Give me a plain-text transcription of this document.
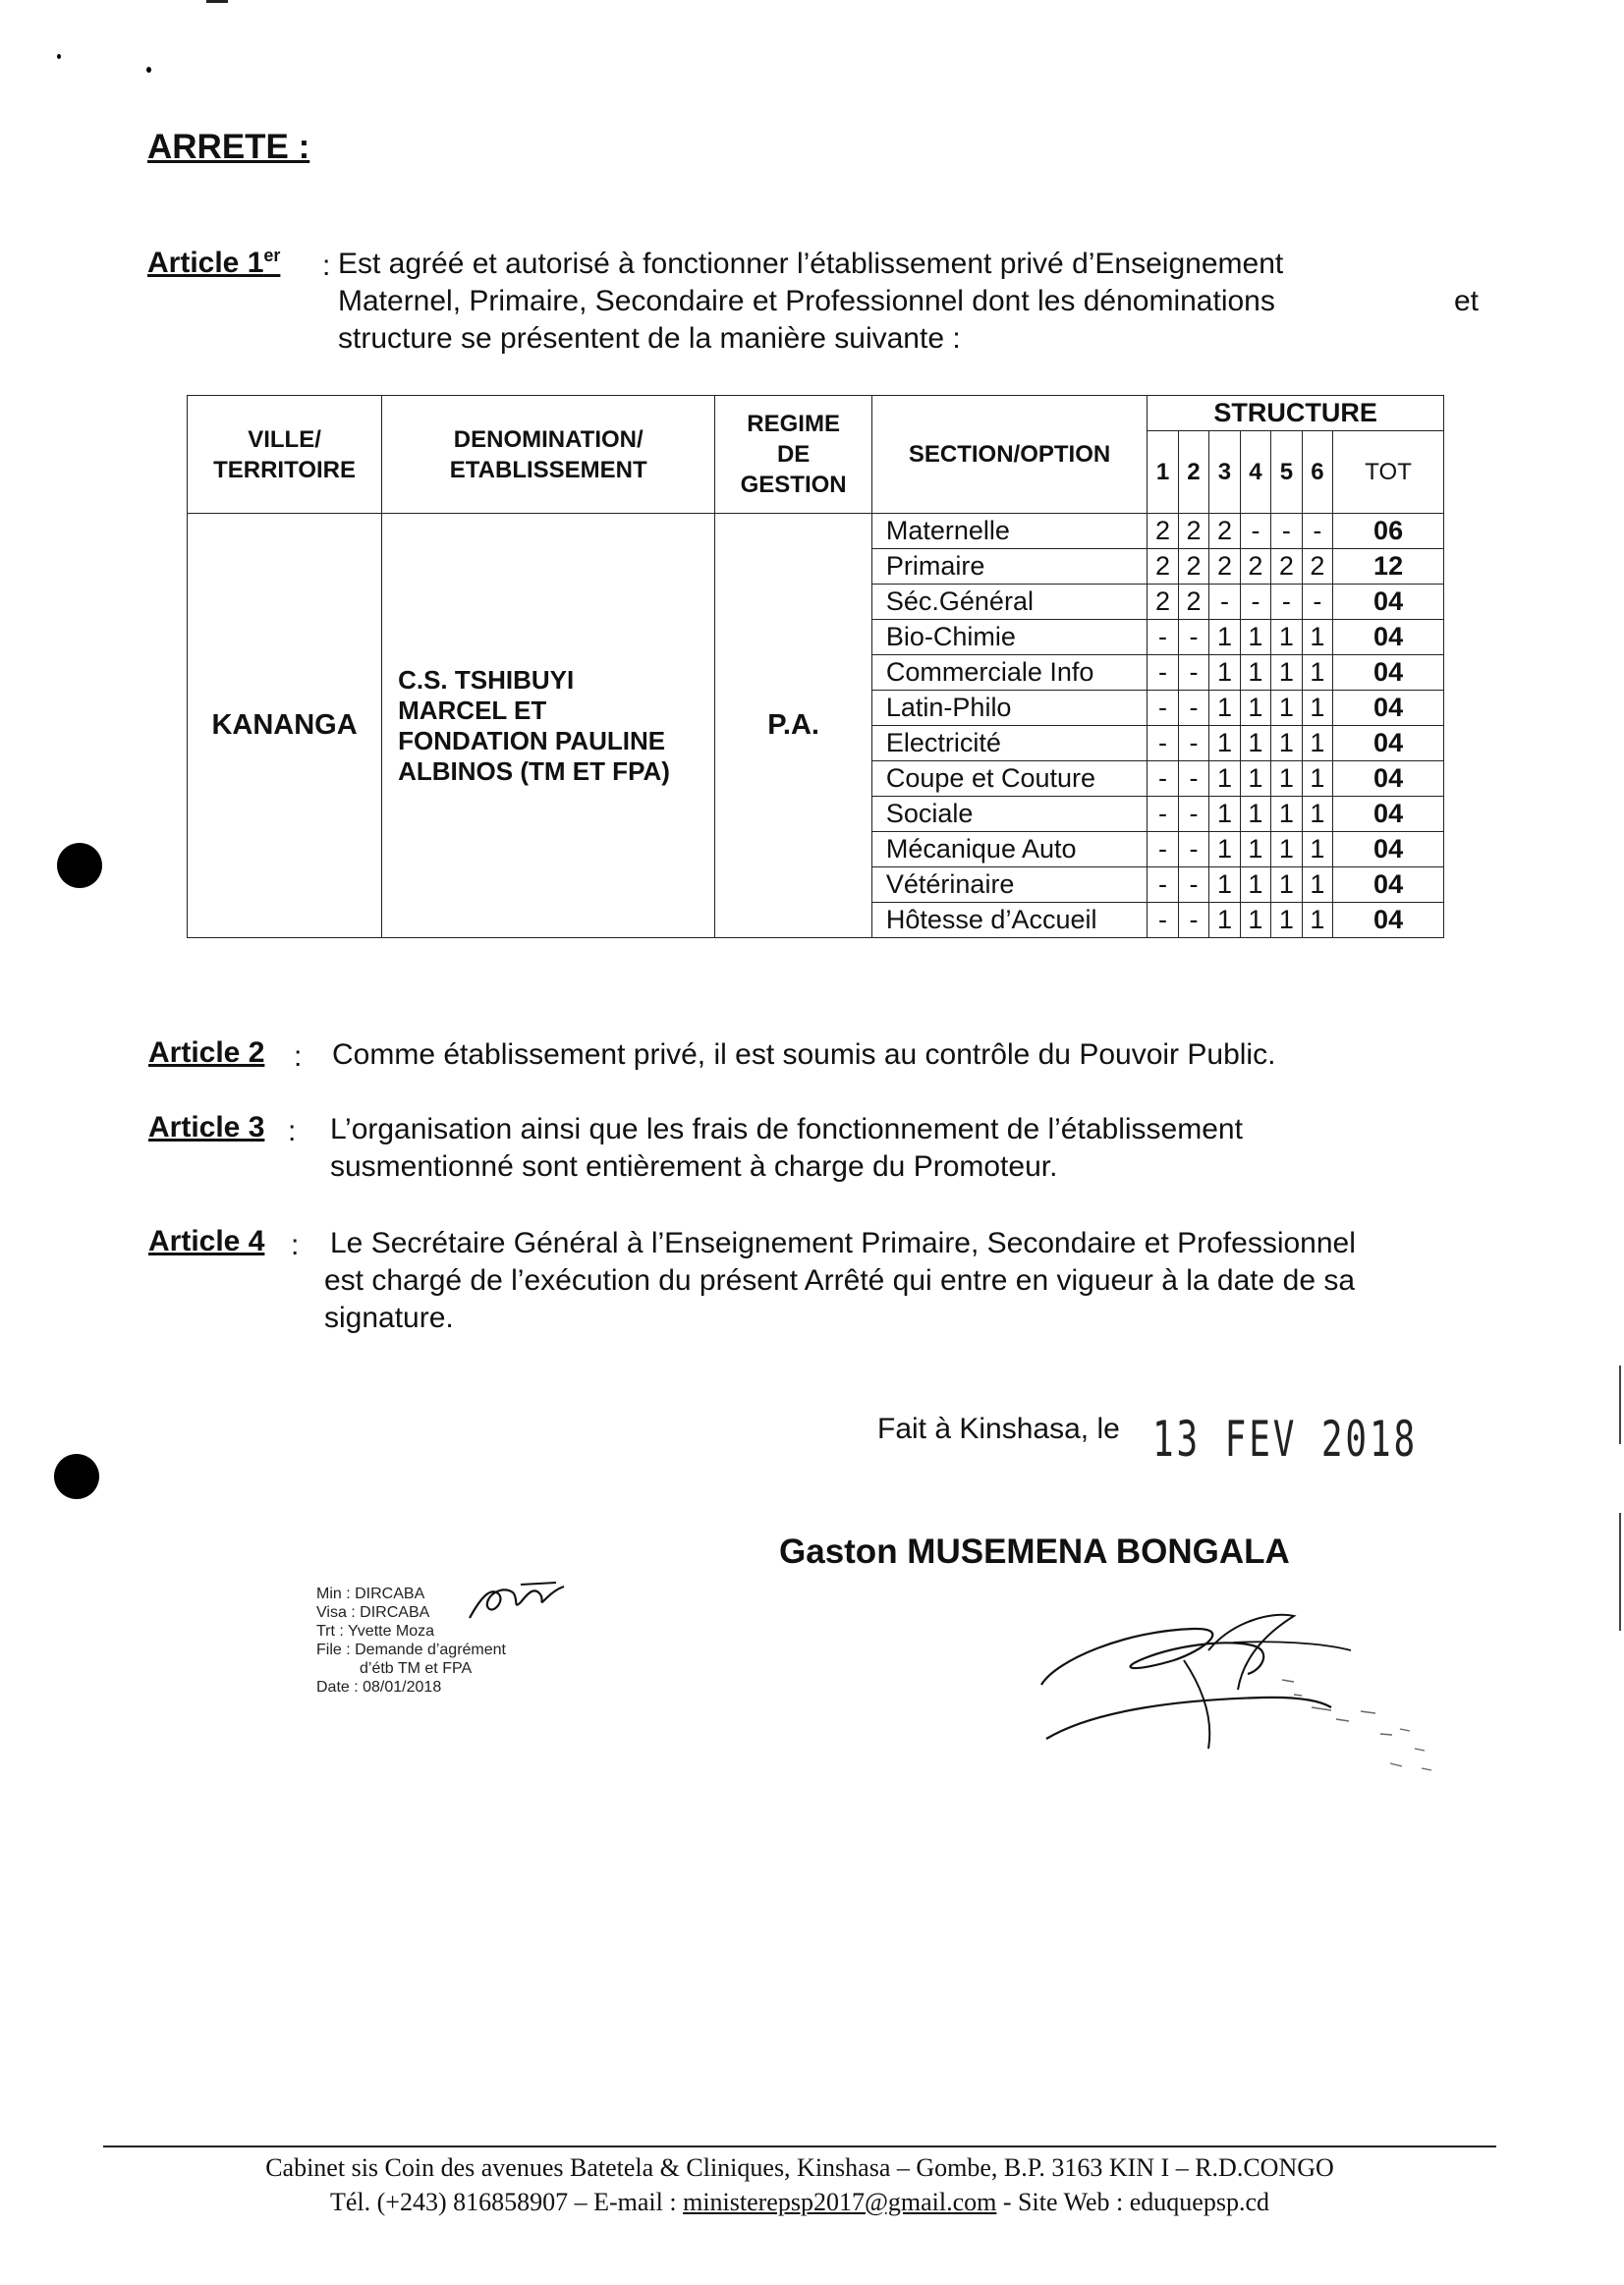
ARRETE :
Article 1er : Est agréé et autorisé à fonctionner l’établissement privé d’Enseignement

Maternel, Primaire, Secondaire et Professionnel dont les dénominations

structure se présentent de la manière suivante :

et
VILLE/ TERRITOIRE	DENOMINATION/ ETABLISSEMENT	REGIME DE GESTION	SECTION/OPTION	STRUCTURE						
				1	2	3	4	5	6	TOT
KANANGA	C.S. TSHIBUYI
MARCEL ET
FONDATION PAULINE
ALBINOS (TM ET FPA)	P.A.	Maternelle	2	2	2	-	-	-	06
			Primaire	2	2	2	2	2	2	12
			Séc.Général	2	2	-	-	-	-	04
			Bio-Chimie	-	-	1	1	1	1	04
			Commerciale Info	-	-	1	1	1	1	04
			Latin-Philo	-	-	1	1	1	1	04
			Electricité	-	-	1	1	1	1	04
			Coupe et Couture	-	-	1	1	1	1	04
			Sociale	-	-	1	1	1	1	04
			Mécanique Auto	-	-	1	1	1	1	04
			Vétérinaire	-	-	1	1	1	1	04
			Hôtesse d’Accueil	-	-	1	1	1	1	04
Article 2 : Comme établissement privé, il est soumis au contrôle du Pouvoir Public.

Article 3 : L’organisation ainsi que les frais de fonctionnement de l’établissement

susmentionné sont entièrement à charge du Promoteur.

Article 4 : Le Secrétaire Général à l’Enseignement Primaire, Secondaire et Professionnel

est chargé de l’exécution du présent Arrêté qui entre en vigueur à la date de sa

signature.

Fait à Kinshasa, le 13 FEV 2018
Gaston MUSEMENA BONGALA
Min : DIRCABA
Visa : DIRCABA
Trt : Yvette Moza
File : Demande d’agrément
d’étb TM et FPA
Date : 08/01/2018
Cabinet sis Coin des avenues Batetela & Cliniques, Kinshasa – Gombe, B.P. 3163 KIN I – R.D.CONGO
Tél. (+243) 816858907 – E-mail : ministerepsp2017@gmail.com - Site Web : eduquepsp.cd
